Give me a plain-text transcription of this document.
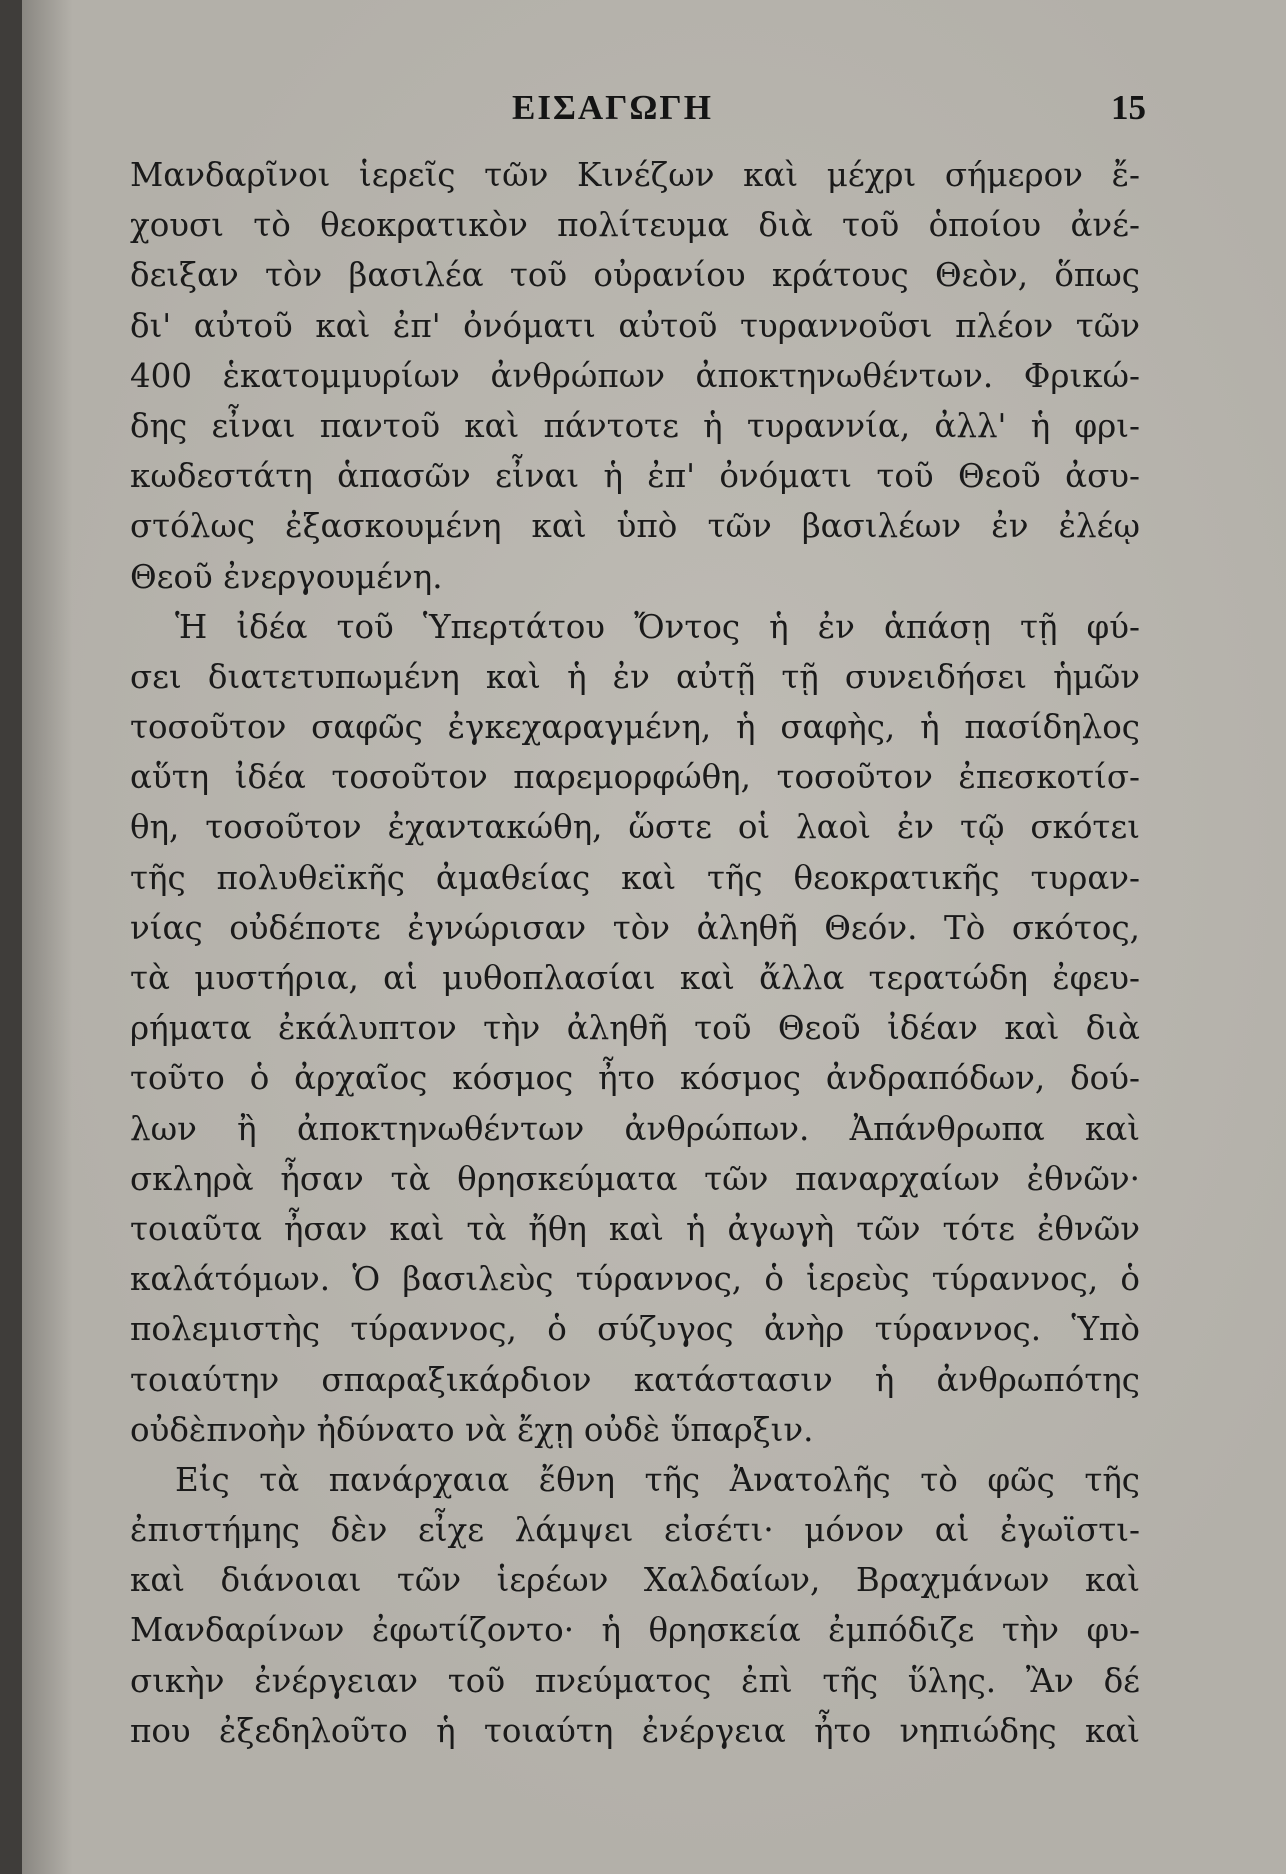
ΕΙΣΑΓΩΓΗ	15
Μανδαρῖνοι ἱερεῖς τῶν Κινέζων καὶ μέχρι σήμερον ἔ-
χουσι τὸ θεοκρατικὸν πολίτευμα διὰ τοῦ ὁποίου ἀνέ-
δειξαν τὸν βασιλέα τοῦ οὐρανίου κράτους Θεὸν, ὅπως
δι' αὐτοῦ καὶ ἐπ' ὀνόματι αὐτοῦ τυραννοῦσι πλέον τῶν
400 ἑκατομμυρίων ἀνθρώπων ἀποκτηνωθέντων. Φρικώ-
δης εἶναι παντοῦ καὶ πάντοτε ἡ τυραννία, ἀλλ' ἡ φρι-
κωδεστάτη ἁπασῶν εἶναι ἡ ἐπ' ὀνόματι τοῦ Θεοῦ ἀσυ-
στόλως ἐξασκουμένη καὶ ὑπὸ τῶν βασιλέων ἐν ἐλέῳ
Θεοῦ ἐνεργουμένη.
Ἡ ἰδέα τοῦ Ὑπερτάτου Ὄντος ἡ ἐν ἁπάσῃ τῇ φύ-
σει διατετυπωμένη καὶ ἡ ἐν αὐτῇ τῇ συνειδήσει ἡμῶν
τοσοῦτον σαφῶς ἐγκεχαραγμένη, ἡ σαφὴς, ἡ πασίδηλος
αὕτη ἰδέα τοσοῦτον παρεμορφώθη, τοσοῦτον ἐπεσκοτίσ-
θη, τοσοῦτον ἐχαντακώθη, ὥστε οἱ λαοὶ ἐν τῷ σκότει
τῆς πολυθεϊκῆς ἀμαθείας καὶ τῆς θεοκρατικῆς τυραν-
νίας οὐδέποτε ἐγνώρισαν τὸν ἀληθῆ Θεόν. Τὸ σκότος,
τὰ μυστήρια, αἱ μυθοπλασίαι καὶ ἄλλα τερατώδη ἐφευ-
ρήματα ἐκάλυπτον τὴν ἀληθῆ τοῦ Θεοῦ ἰδέαν καὶ διὰ
τοῦτο ὁ ἀρχαῖος κόσμος ἦτο κόσμος ἀνδραπόδων, δού-
λων ἢ ἀποκτηνωθέντων ἀνθρώπων. Ἀπάνθρωπα καὶ
σκληρὰ ἦσαν τὰ θρησκεύματα τῶν παναρχαίων ἐθνῶν·
τοιαῦτα ἦσαν καὶ τὰ ἤθη καὶ ἡ ἀγωγὴ τῶν τότε ἐθνῶν
καλάτόμων. Ὁ βασιλεὺς τύραννος, ὁ ἱερεὺς τύραννος, ὁ
πολεμιστὴς τύραννος, ὁ σύζυγος ἀνὴρ τύραννος. Ὑπὸ
τοιαύτην σπαραξικάρδιον κατάστασιν ἡ ἀνθρωπότης
οὐδὲπνοὴν ἠδύνατο νὰ ἔχῃ οὐδὲ ὕπαρξιν.
Εἰς τὰ πανάρχαια ἔθνη τῆς Ἀνατολῆς τὸ φῶς τῆς
ἐπιστήμης δὲν εἶχε λάμψει εἰσέτι· μόνον αἱ ἐγωϊστι-
καὶ διάνοιαι τῶν ἱερέων Χαλδαίων, Βραχμάνων καὶ
Μανδαρίνων ἐφωτίζοντο· ἡ θρησκεία ἐμπόδιζε τὴν φυ-
σικὴν ἐνέργειαν τοῦ πνεύματος ἐπὶ τῆς ὕλης. Ἂν δέ
που ἐξεδηλοῦτο ἡ τοιαύτη ἐνέργεια ἦτο νηπιώδης καὶ
